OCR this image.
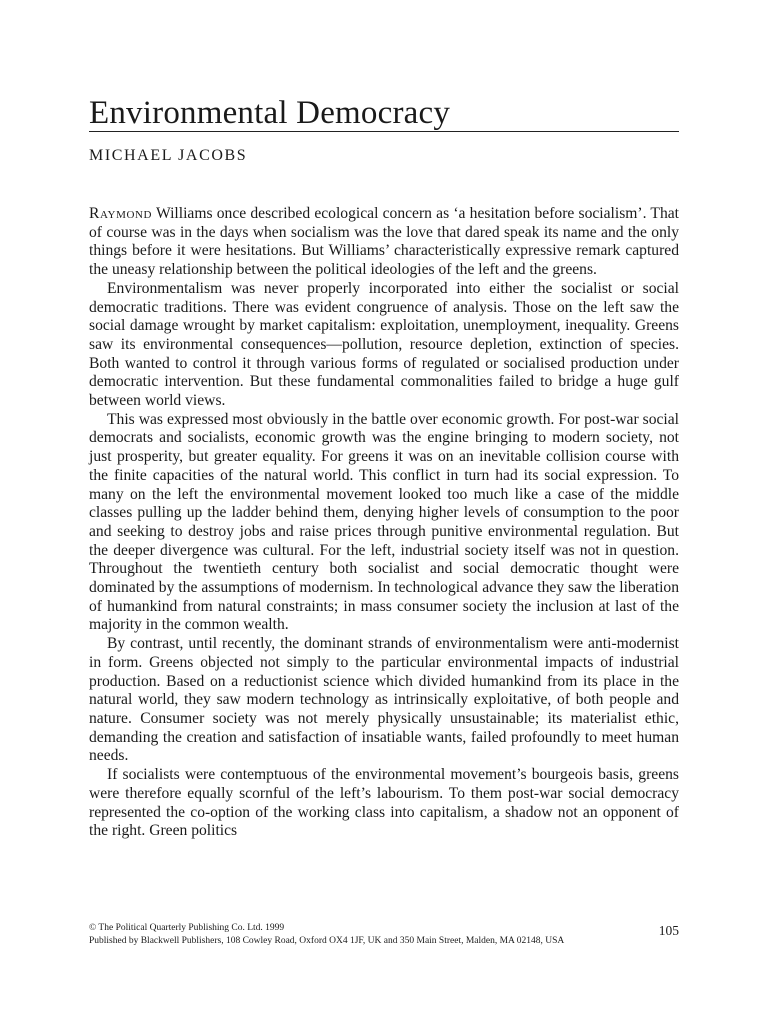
Environmental Democracy
MICHAEL JACOBS

Raymond Williams once described ecological concern as ‘a hesitation before socialism’. That of course was in the days when socialism was the love that dared speak its name and the only things before it were hesitations. But Williams’ characteristically expressive remark captured the uneasy relationship between the political ideologies of the left and the greens.

Environmentalism was never properly incorporated into either the socialist or social democratic traditions. There was evident congruence of analysis. Those on the left saw the social damage wrought by market capitalism: exploitation, unemployment, inequality. Greens saw its environmental consequences—pollution, resource depletion, extinction of species. Both wanted to control it through various forms of regulated or socialised production under democratic intervention. But these fundamental commonalities failed to bridge a huge gulf between world views.

This was expressed most obviously in the battle over economic growth. For post-war social democrats and socialists, economic growth was the engine bringing to modern society, not just prosperity, but greater equality. For greens it was on an inevitable collision course with the finite capacities of the natural world. This conflict in turn had its social expression. To many on the left the environmental movement looked too much like a case of the middle classes pulling up the ladder behind them, denying higher levels of consumption to the poor and seeking to destroy jobs and raise prices through punitive environmental regulation. But the deeper divergence was cultural. For the left, industrial society itself was not in question. Throughout the twentieth century both socialist and social democratic thought were dominated by the assumptions of modernism. In technological advance they saw the liberation of humankind from natural constraints; in mass consumer society the inclusion at last of the majority in the common wealth.

By contrast, until recently, the dominant strands of environmentalism were anti-modernist in form. Greens objected not simply to the particular environmental impacts of industrial production. Based on a reductionist science which divided humankind from its place in the natural world, they saw modern technology as intrinsically exploitative, of both people and nature. Consumer society was not merely physically unsustainable; its materialist ethic, demanding the creation and satisfaction of insatiable wants, failed profoundly to meet human needs.

If socialists were contemptuous of the environmental movement’s bourgeois basis, greens were therefore equally scornful of the left’s labourism. To them post-war social democracy represented the co-option of the working class into capitalism, a shadow not an opponent of the right. Green politics

© The Political Quarterly Publishing Co. Ltd. 1999
Published by Blackwell Publishers, 108 Cowley Road, Oxford OX4 1JF, UK and 350 Main Street, Malden, MA 02148, USA
105
